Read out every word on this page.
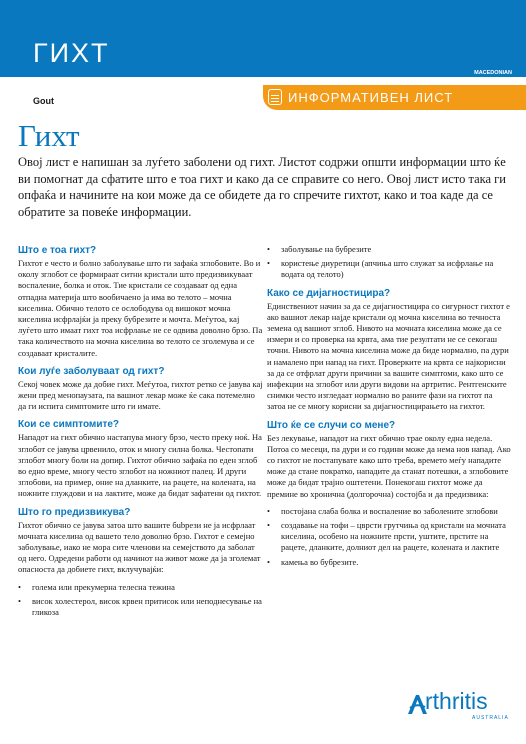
ГИХТ
MACEDONIAN
Gout	ИНФОРМАТИВЕН ЛИСТ
Гихт

Овој лист е напишан за луѓето заболени од гихт. Листот содржи општи информации што ќе ви помогнат да сфатите што е тоа гихт и како да се справите со него. Овој лист исто така ги опфаќа и начините на кои може да се обидете да го спречите гихтот, како и тоа каде да се обратите за повеќе информации.

Што е тоа гихт?

Гихтот е често и болно заболување што ги зафаќа зглобовите. Во и околу зглобот се формираат ситни кристали што предизвикуваат воспаление, болка и оток. Тие кристали се создаваат од една отпадна материја што вообичаено ја има во телото – мочна киселина. Обично телото се ослободува од вишокот мочна киселина исфрлајќи ја преку бубрезите и мочта. Меѓутоа, кај луѓето што имаат гихт тоа исфрлање не се одвива доволно брзо. Па така количеството на мочна киселина во телото се зголемува и се создаваат кристалите.

Кои луѓе заболуваат од гихт?

Секој човек може да добие гихт. Меѓутоа, гихтот ретко се јавува кај жени пред менопаузата, па вашиот лекар може ќе сака потемелно да ги испита симптомите што ги имате.

Кои се симптомите?

Нападот на гихт обично настапува многу брзо, често преку ноќ. На зглобот се јавува црвенило, оток и многу силна болка. Честопати зглобот многу боли на допир. Гихтот обично зафаќа по еден зглоб во едно време, многу често зглобот на ножниот палец. И други зглобови, на пример, оние на дланките, на рацете, на колената, на ножните глуждови и на лактите, може да бидат зафатени од гихтот.

Што го предизвикува?

Гихтот обично се јавува затоа што вашите бubрези не ја исфрлаат мочната киселина од вашето тело доволно брзо. Гихтот е семејно заболување, иако не мора сите членови на семејството да заболат од него. Одредени работи од начинот на живот може да ја зголемат опасноста да добиете гихт, вклучувајќи:

• голема или прекумерна телесна тежина
• висок холестерол, висок крвен притисок или неподнесување на гликоза
• заболување на бубрезите
• користење диуретици (апчиња што служат за исфрлање на водата од телото)
Како се дијагностицира?

Единствениот начин за да се дијагностицира со сигурност гихтот е ако вашиот лекар најде кристали од мочна киселина во течноста земена од вашиот зглоб. Нивото на мочната киселина може да се измери и со проверка на крвта, ама тие резултати не се секогаш точни. Нивото на мочна киселина може да биде нормално, па дури и намалено при напад на гихт. Проверките на крвта се најкорисни за да се отфрлат други причини за вашите симптоми, како што се инфекции на зглобот или други видови на артритис. Рентгенските снимки често изгледаат нормално во раните фази на гихтот па затоа не се многу корисни за дијагностицирањето на гихтот.

Што ќе се случи со мене?

Без лекување, нападот на гихт обично трае околу една недела. Потоа со месеци, па дури и со години може да нема нов напад. Ако со гихтот не постапувате како што треба, времето меѓу нападите може да стане пократко, нападите да станат потешки, а зглобовите може да бидат трајно оштетени. Понекогаш гихтот може да премине во хронична (долгорочна) состојба и да предизвика:

• постојана слаба болка и воспаление во заболените зглобови
• создавање на тофи – цврсти грутчиња од кристали на мочната киселина, особено на ножните прсти, уштите, прстите на рацете, дланките, долниот дел на рацете, колената и лактите
• камења во бубрезите.
rthritis
AUSTRALIA
